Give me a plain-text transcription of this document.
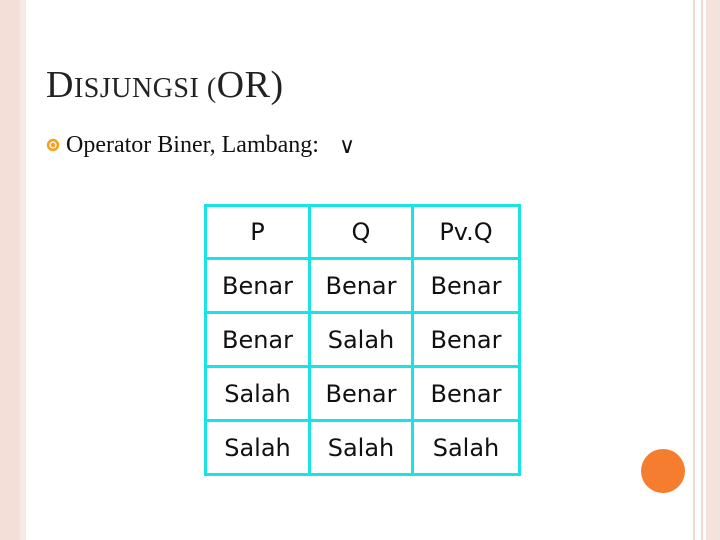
DISJUNGSI (OR)
Operator Biner, Lambang: ∨
P	Q	Pv.Q
Benar	Benar	Benar
Benar	Salah	Benar
Salah	Benar	Benar
Salah	Salah	Salah
